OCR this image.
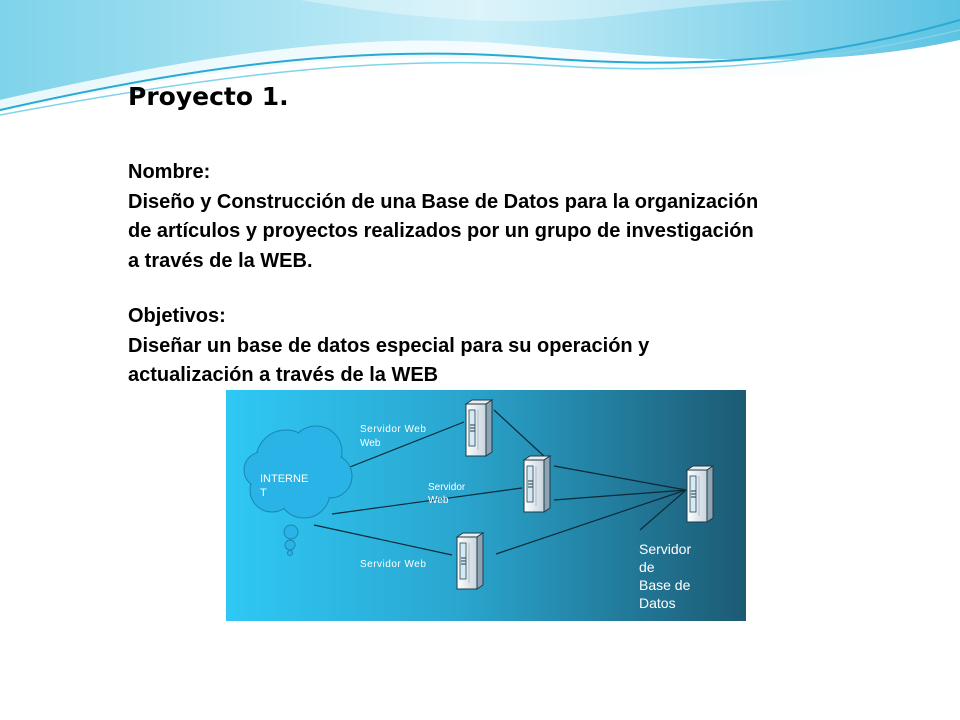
Proyecto 1.
Nombre:
Diseño y Construcción de una Base de Datos para la organización
de artículos y proyectos realizados por un grupo de investigación
a través de la WEB.
Objetivos:
Diseñar un base de datos especial para su operación y
actualización a través de la WEB
INTERNE
T
Servidor Web
Web
Servidor
Web
Servidor Web
Servidor
de
Base de
Datos
